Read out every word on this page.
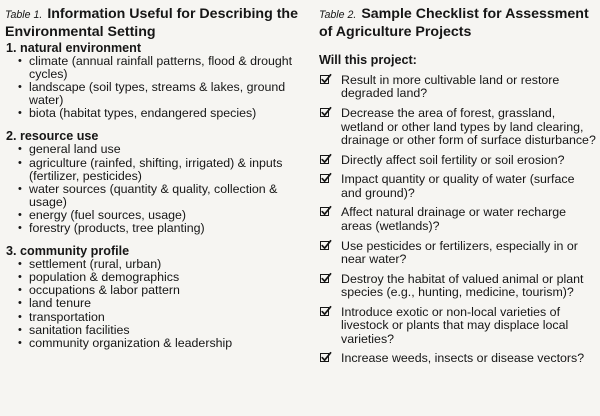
Table 1. Information Useful for Describing the Environmental Setting
1. natural environment
• climate (annual rainfall patterns, flood & drought cycles)
• landscape (soil types, streams & lakes, ground water)
• biota (habitat types, endangered species)
2. resource use
• general land use
• agriculture (rainfed, shifting, irrigated) & inputs (fertilizer, pesticides)
• water sources (quantity & quality, collection & usage)
• energy (fuel sources, usage)
• forestry (products, tree planting)
3. community profile
• settlement (rural, urban)
• population & demographics
• occupations & labor pattern
• land tenure
• transportation
• sanitation facilities
• community organization & leadership
Table 2. Sample Checklist for Assessment of Agriculture Projects
Will this project:
Result in more cultivable land or restore degraded land?
Decrease the area of forest, grassland, wetland or other land types by land clearing, drainage or other form of surface disturbance?
Directly affect soil fertility or soil erosion?
Impact quantity or quality of water (surface and ground)?
Affect natural drainage or water recharge areas (wetlands)?
Use pesticides or fertilizers, especially in or near water?
Destroy the habitat of valued animal or plant species (e.g., hunting, medicine, tourism)?
Introduce exotic or non-local varieties of livestock or plants that may displace local varieties?
Increase weeds, insects or disease vectors?
